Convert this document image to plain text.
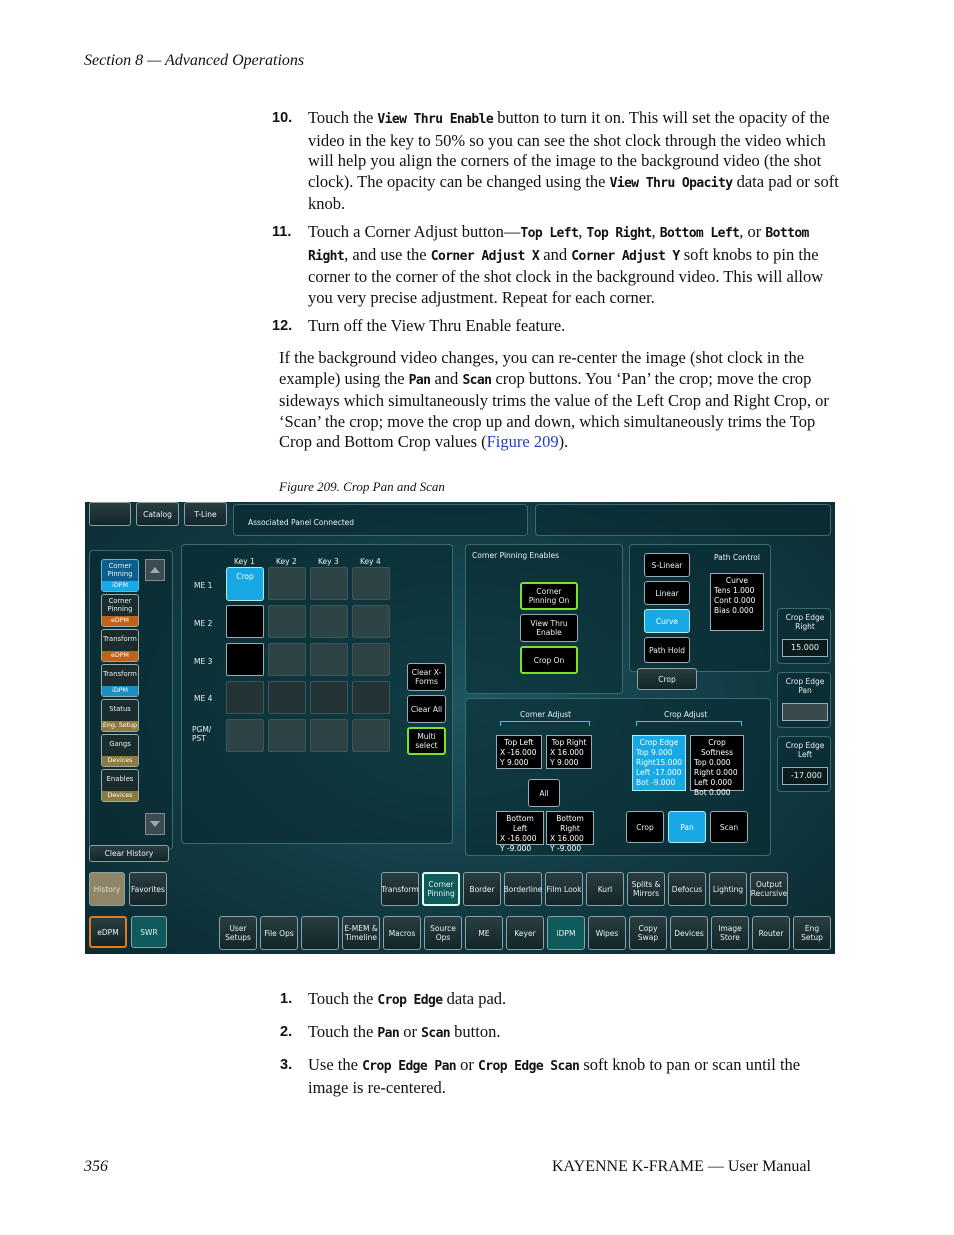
Section 8 — Advanced Operations
10. Touch the View Thru Enable button to turn it on. This will set the opacity of the video in the key to 50% so you can see the shot clock through the video which will help you align the corners of the image to the background video (the shot clock). The opacity can be changed using the View Thru Opacity data pad or soft knob.
11. Touch a Corner Adjust button—Top Left, Top Right, Bottom Left, or Bottom Right, and use the Corner Adjust X and Corner Adjust Y soft knobs to pin the corner to the corner of the shot clock in the background video. This will allow you very precise adjustment. Repeat for each corner.
12. Turn off the View Thru Enable feature.
If the background video changes, you can re-center the image (shot clock in the example) using the Pan and Scan crop buttons. You ‘Pan’ the crop; move the crop sideways which simultaneously trims the value of the Left Crop and Right Crop, or ‘Scan’ the crop; move the crop up and down, which simultaneously trims the Top Crop and Bottom Crop values (Figure 209).
Figure 209. Crop Pan and Scan
Catalog	T-Line
Associated Panel Connected
Corner Pinning
iDPM
Corner Pinning
eDPM
Transform
eDPM
Transform
iDPM
Status
Eng. Setup
Gangs
Devices
Enables
Devices
Clear History
History	Favorites
Key 1	Key 2	Key 3	Key 4
ME 1
ME 2
ME 3
ME 4
PGM/ PST
Crop
Clear X-Forms
Clear All
Multi select
Corner Pinning Enables
Corner Pinning On
View Thru Enable
Crop On
S-Linear
Linear
Curve
Path Hold
Path Control
Curve
Tens 1.000
Cont 0.000
Bias 0.000
Crop
Crop Edge Right
15.000
Crop Edge Pan
Crop Edge Left
-17.000
Corner Adjust	Crop Adjust
Top Left
X -16.000
Y 9.000
Top Right
X 16.000
Y 9.000
All
Bottom Left
X -16.000
Y -9.000
Bottom Right
X 16.000
Y -9.000
Crop Edge
Top 9.000
Right15.000
Left -17.000
Bot -9.000
Crop Softness
Top 0.000
Right 0.000
Left 0.000
Bot 0.000
Crop	Pan	Scan
eDPM	SWR
Transform	Corner Pinning	Border	Borderline Film Look	Kurl	Splits & Mirrors	Defocus	Lighting	Output Recursive
User Setups	File Ops	E-MEM & Timeline	Macros	Source Ops	ME	Keyer	iDPM	Wipes	Copy Swap	Devices	Image Store	Router	Eng Setup
1. Touch the Crop Edge data pad.
2. Touch the Pan or Scan button.
3. Use the Crop Edge Pan or Crop Edge Scan soft knob to pan or scan until the image is re-centered.
356	KAYENNE K-FRAME — User Manual
